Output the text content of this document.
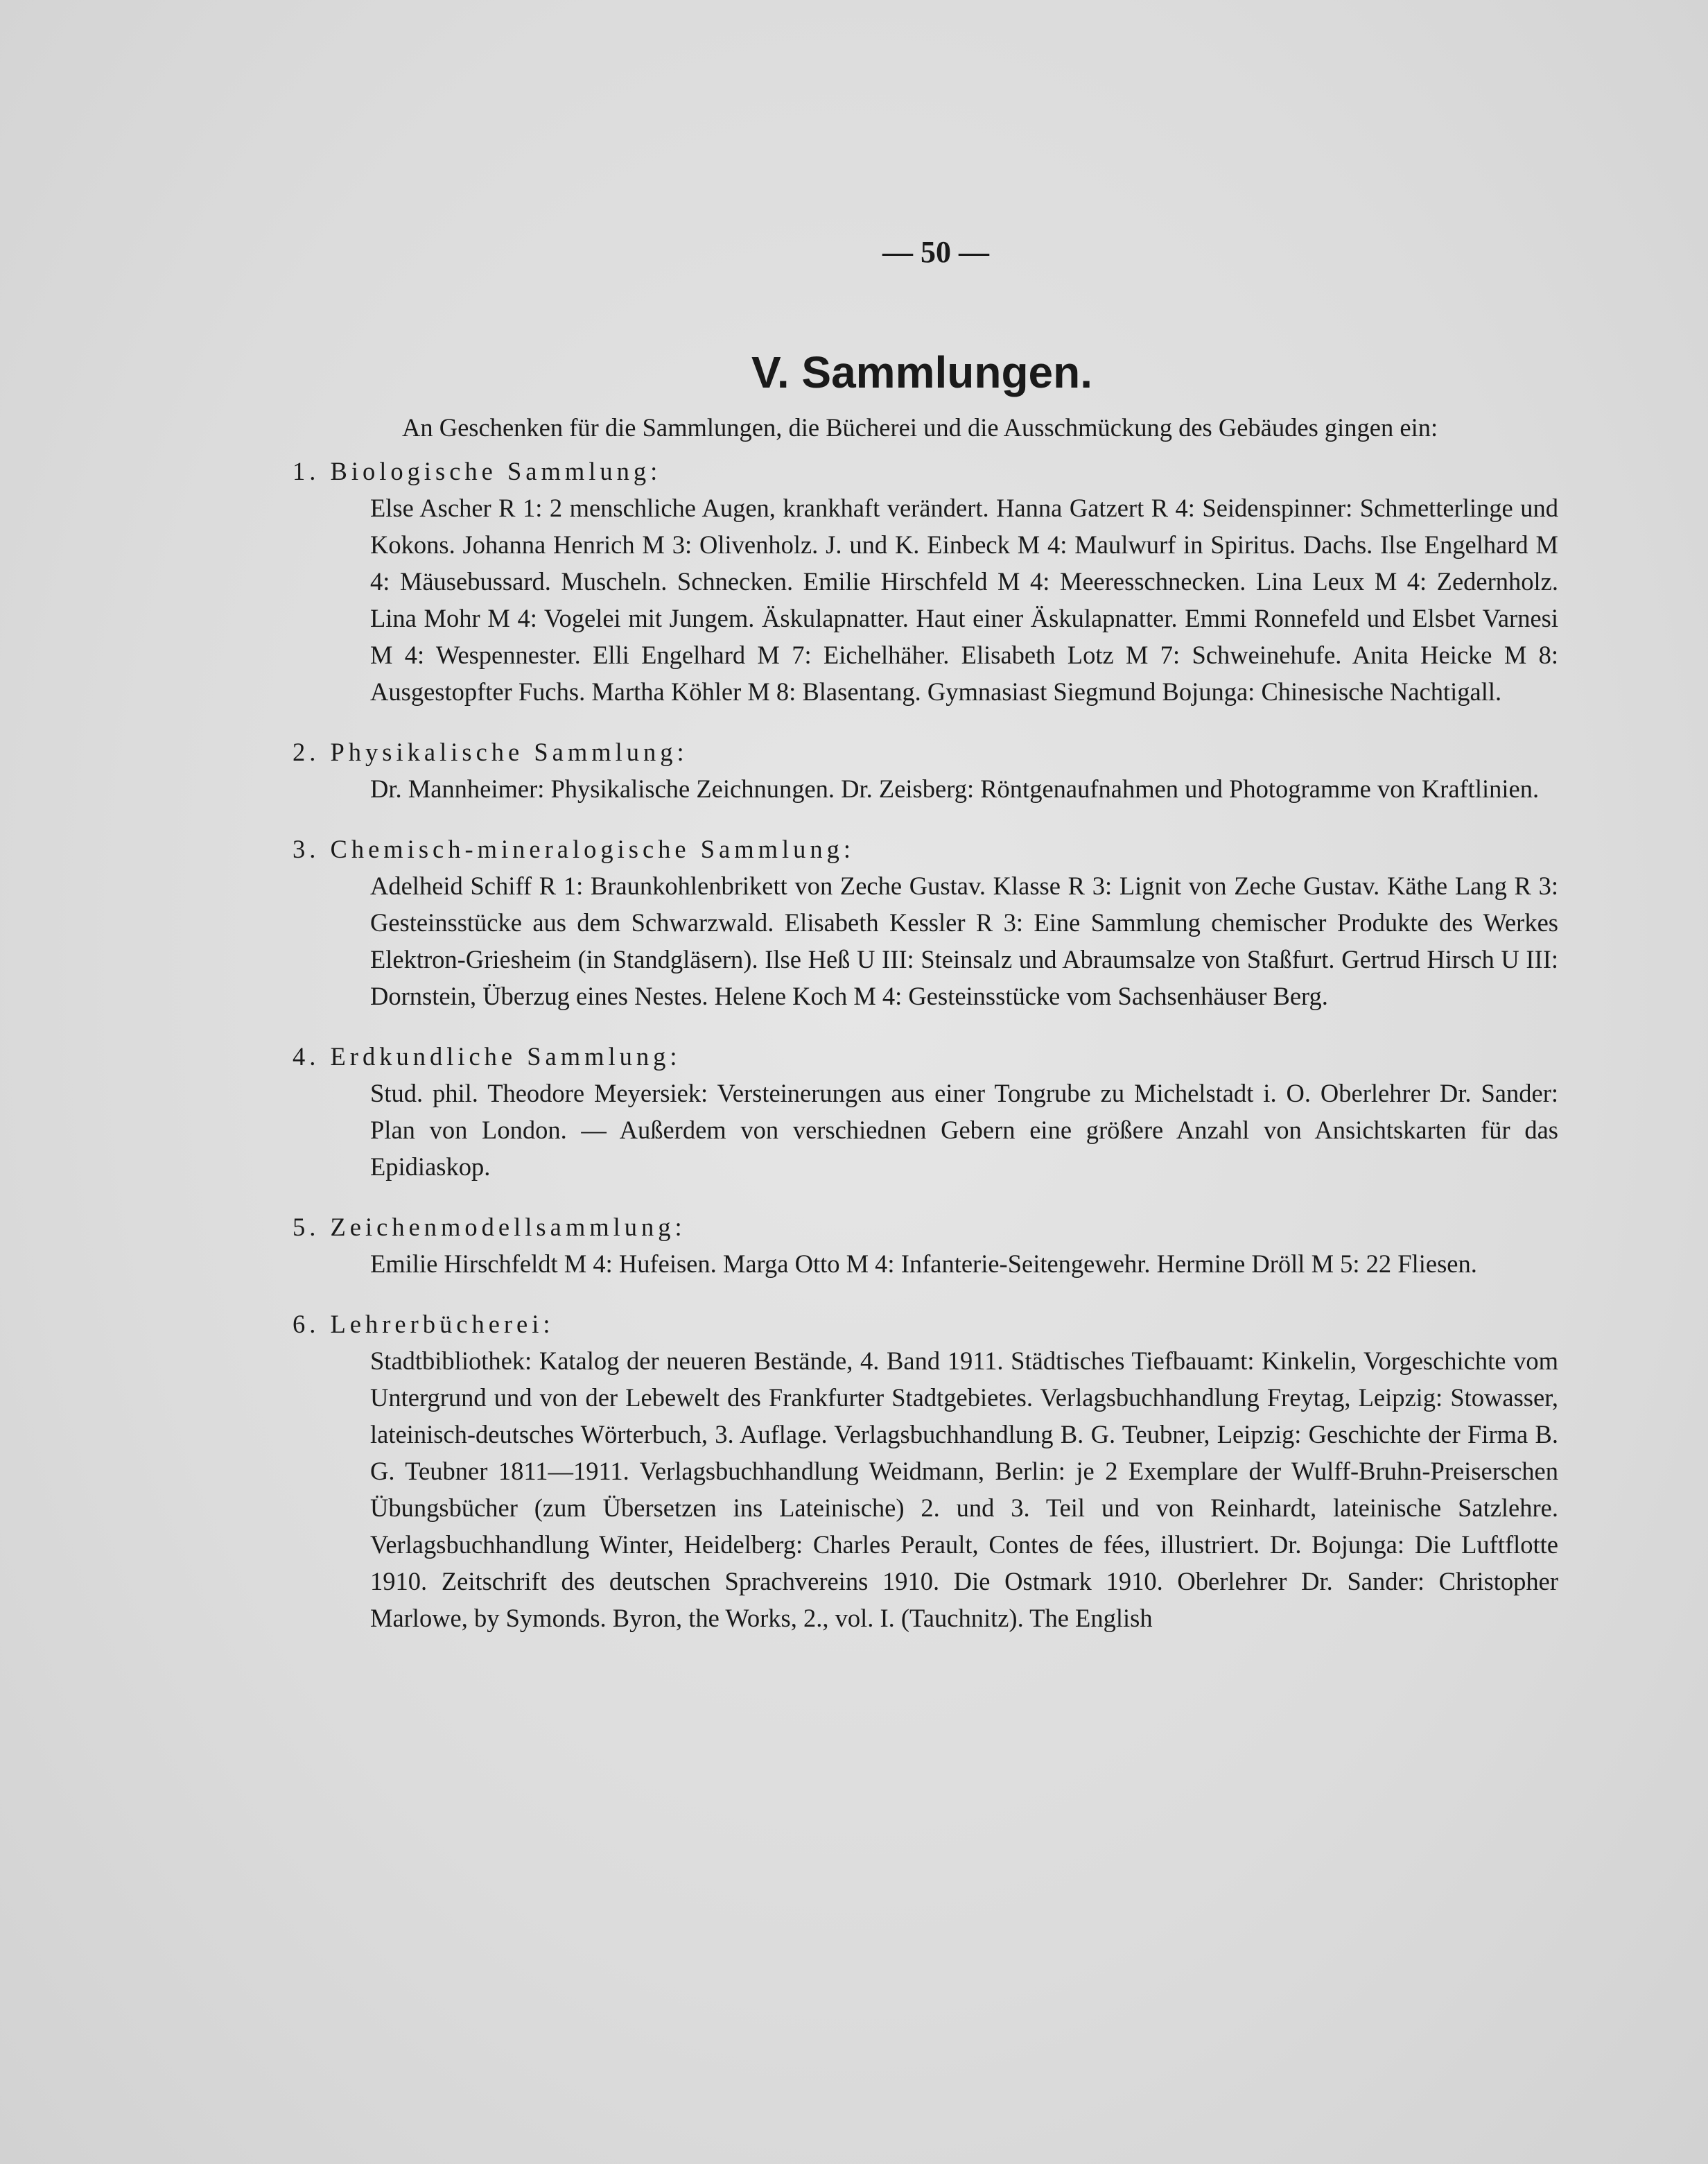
— 50 —
V. Sammlungen.

An Geschenken für die Sammlungen, die Bücherei und die Ausschmückung des Gebäudes gingen ein:

1. Biologische Sammlung:
Else Ascher R 1: 2 menschliche Augen, krankhaft verändert. Hanna Gatzert R 4: Seidenspinner: Schmetterlinge und Kokons. Johanna Henrich M 3: Olivenholz. J. und K. Einbeck M 4: Maulwurf in Spiritus. Dachs. Ilse Engelhard M 4: Mäusebussard. Muscheln. Schnecken. Emilie Hirschfeld M 4: Meeresschnecken. Lina Leux M 4: Zedernholz. Lina Mohr M 4: Vogelei mit Jungem. Äskulapnatter. Haut einer Äskulapnatter. Emmi Ronnefeld und Elsbet Varnesi M 4: Wespennester. Elli Engelhard M 7: Eichelhäher. Elisabeth Lotz M 7: Schweinehufe. Anita Heicke M 8: Ausgestopfter Fuchs. Martha Köhler M 8: Blasentang. Gymnasiast Siegmund Bojunga: Chinesische Nachtigall.
2. Physikalische Sammlung:
Dr. Mannheimer: Physikalische Zeichnungen. Dr. Zeisberg: Röntgenaufnahmen und Photogramme von Kraftlinien.
3. Chemisch-mineralogische Sammlung:
Adelheid Schiff R 1: Braunkohlenbrikett von Zeche Gustav. Klasse R 3: Lignit von Zeche Gustav. Käthe Lang R 3: Gesteinsstücke aus dem Schwarzwald. Elisabeth Kessler R 3: Eine Sammlung chemischer Produkte des Werkes Elektron-Griesheim (in Standgläsern). Ilse Heß U III: Steinsalz und Abraumsalze von Staßfurt. Gertrud Hirsch U III: Dornstein, Überzug eines Nestes. Helene Koch M 4: Gesteinsstücke vom Sachsenhäuser Berg.
4. Erdkundliche Sammlung:
Stud. phil. Theodore Meyersiek: Versteinerungen aus einer Tongrube zu Michelstadt i. O. Oberlehrer Dr. Sander: Plan von London. — Außerdem von verschiednen Gebern eine größere Anzahl von Ansichtskarten für das Epidiaskop.
5. Zeichenmodellsammlung:
Emilie Hirschfeldt M 4: Hufeisen. Marga Otto M 4: Infanterie-Seitengewehr. Hermine Dröll M 5: 22 Fliesen.
6. Lehrerbücherei:
Stadtbibliothek: Katalog der neueren Bestände, 4. Band 1911. Städtisches Tiefbauamt: Kinkelin, Vorgeschichte vom Untergrund und von der Lebewelt des Frankfurter Stadtgebietes. Verlagsbuchhandlung Freytag, Leipzig: Stowasser, lateinisch-deutsches Wörterbuch, 3. Auflage. Verlagsbuchhandlung B. G. Teubner, Leipzig: Geschichte der Firma B. G. Teubner 1811—1911. Verlagsbuchhandlung Weidmann, Berlin: je 2 Exemplare der Wulff-Bruhn-Preiserschen Übungsbücher (zum Übersetzen ins Lateinische) 2. und 3. Teil und von Reinhardt, lateinische Satzlehre. Verlagsbuchhandlung Winter, Heidelberg: Charles Perault, Contes de fées, illustriert. Dr. Bojunga: Die Luftflotte 1910. Zeitschrift des deutschen Sprachvereins 1910. Die Ostmark 1910. Oberlehrer Dr. Sander: Christopher Marlowe, by Symonds. Byron, the Works, 2., vol. I. (Tauchnitz). The English
